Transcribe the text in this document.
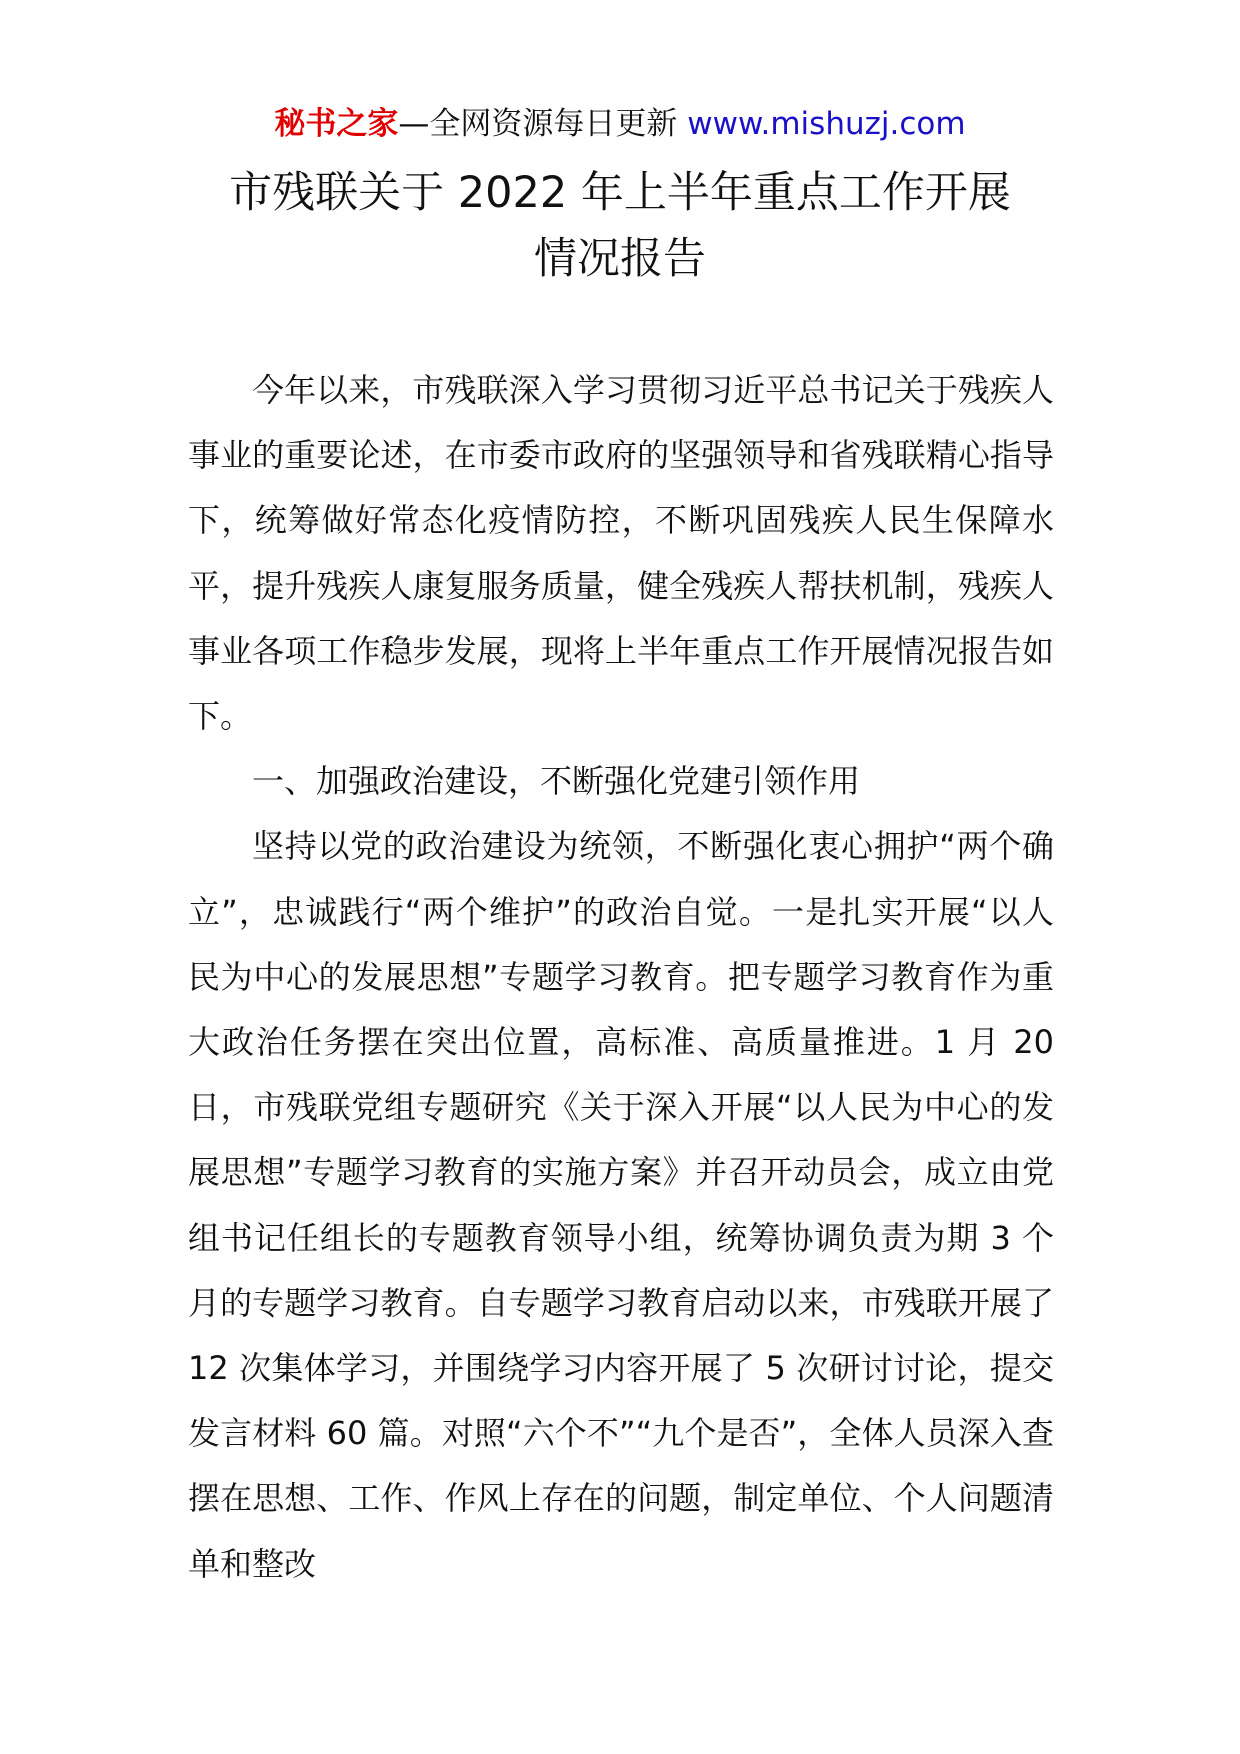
秘书之家—全网资源每日更新 www.mishuzj.com
市残联关于 2022 年上半年重点工作开展
情况报告

今年以来，市残联深入学习贯彻习近平总书记关于残疾人事业的重要论述，在市委市政府的坚强领导和省残联精心指导下，统筹做好常态化疫情防控，不断巩固残疾人民生保障水平，提升残疾人康复服务质量，健全残疾人帮扶机制，残疾人事业各项工作稳步发展，现将上半年重点工作开展情况报告如下。

一、加强政治建设，不断强化党建引领作用

坚持以党的政治建设为统领，不断强化衷心拥护“两个确立”，忠诚践行“两个维护”的政治自觉。一是扎实开展“以人民为中心的发展思想”专题学习教育。把专题学习教育作为重大政治任务摆在突出位置，高标准、高质量推进。1 月 20 日，市残联党组专题研究《关于深入开展“以人民为中心的发展思想”专题学习教育的实施方案》并召开动员会，成立由党组书记任组长的专题教育领导小组，统筹协调负责为期 3 个月的专题学习教育。自专题学习教育启动以来，市残联开展了 12 次集体学习，并围绕学习内容开展了 5 次研讨讨论，提交发言材料 60 篇。对照“六个不”“九个是否”，全体人员深入查摆在思想、工作、作风上存在的问题，制定单位、个人问题清单和整改
